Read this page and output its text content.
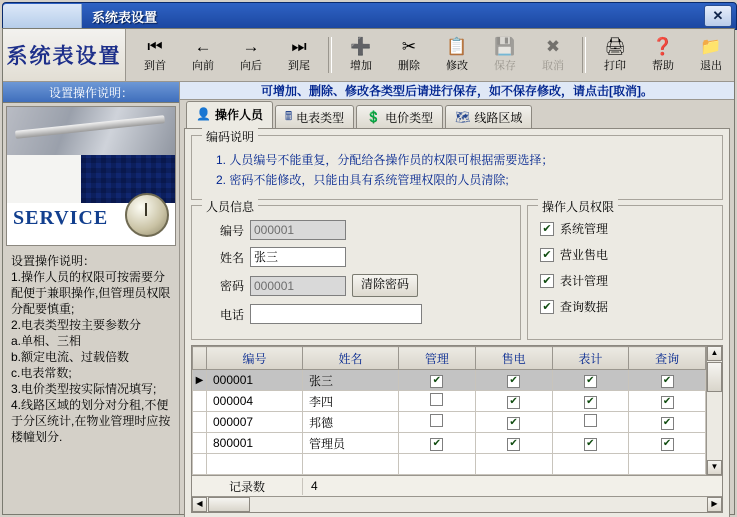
系统表设置	✕
系统表设置 ⏮
到首
←
向前
→
向后
⏭
到尾
➕
增加
✂
删除
📋
修改
💾
保存
✖
取消
🖨
打印
❓
帮助
📁
退出
设置操作说明：
SERVICE
设置操作说明：
1.操作人员的权限可按需要分配便于兼职操作,但管理员权限分配要慎重;
2.电表类型按主要参数分
a.单相、三相
b.额定电流、过载倍数
c.电表常数;
3.电价类型按实际情况填写;
4.线路区域的划分对分租,不便于分区统计,在物业管理时应按楼幢划分.
可增加、删除、修改各类型后请进行保存，如不保存修改，请点击[取消]。
👤 操作人员 🖩 电表类型 💲 电价类型 🗺 线路区域
编码说明
1. 人员编号不能重复，分配给各操作员的权限可根据需要选择；
2. 密码不能修改，只能由具有系统管理权限的人员清除;
人员信息
编号 000001
姓名 张三
密码 000001	清除密码
电话
操作人员权限
✔ 系统管理
✔ 营业售电
✔ 表计管理
✔ 查询数据
	编号	姓名	管理	售电	表计	查询
▶	000001	张三	✔	✔	✔	✔
	000004	李四		✔	✔	✔
	000007	邦德		✔		✔
	800001	管理员	✔	✔	✔	✔

▲
▼
记录数	4
◀	▶
